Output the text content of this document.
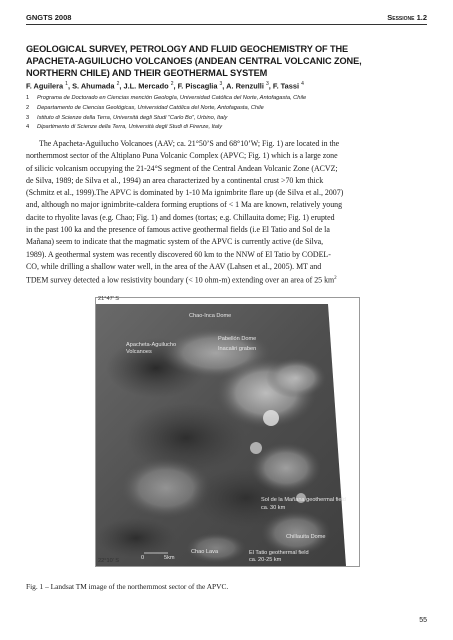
GNGTS 2008	Sessione 1.2
GEOLOGICAL SURVEY, PETROLOGY AND FLUID GEOCHEMISTRY OF THE
APACHETA-AGUILUCHO VOLCANOES (ANDEAN CENTRAL VOLCANIC ZONE,
NORTHERN CHILE) AND THEIR GEOTHERMAL SYSTEM
F. Aguilera $^1$, S. Ahumada $^2$, J.L. Mercado $^2$, F. Piscaglia $^3$, A. Renzulli $^3$, F. Tassi $^4$
1 Programa de Doctorado en Ciencias mención Geología, Universidad Católica del Norte, Antofagasta, Chile
2 Departamento de Ciencias Geológicas, Universidad Católica del Norte, Antofagasta, Chile
3 Istituto di Scienze della Terra, Università degli Studi “Carlo Bo”, Urbino, Italy
4 Dipartimento di Scienze della Terra, Università degli Studi di Firenze, Italy
The Apacheta-Aguilucho Volcanoes (AAV; ca. 21°50’S and 68°10’W; Fig. 1) are located in the
northernmost sector of the Altiplano Puna Volcanic Complex (APVC; Fig. 1) which is a large zone
of silicic volcanism occupying the 21-24°S segment of the Central Andean Volcanic Zone (ACVZ;
de Silva, 1989; de Silva et al., 1994) an area characterized by a continental crust >70 km thick
(Schmitz et al., 1999).The APVC is dominated by 1-10 Ma ignimbrite flare up (de Silva et al., 2007)
and, although no major ignimbrite-caldera forming eruptions of < 1 Ma are known, relatively young
dacite to rhyolite lavas (e.g. Chao; Fig. 1) and domes (tortas; e.g. Chillauita dome; Fig. 1) erupted
in the past 100 ka and the presence of famous active geothermal fields (i.e El Tatio and Sol de la
Mañana) seem to indicate that the magmatic system of the APVC is currently active (de Silva,
1989). A geothermal system was recently discovered 60 km to the NNW of El Tatio by CODEL-
CO, while drilling a shallow water well, in the area of the AAV (Lahsen et al., 2005). MT and
TDEM survey detected a low resistivity boundary (< 10 ohm-m) extending over an area of 25 $km^2$
Chao-Inca Dome
Pabellón Dome
Inacaliri graben
Apacheta-Aguilucho
Volcanoes
Sol de la Mañana geothermal field
ca. 30 km
Chillauita Dome
El Tatio geothermal field
ca. 20-25 km
Chao Lava
0	5km
21°47’ S
22°10’ S
Fig. 1 – Landsat TM image of the northernmost sector of the APVC.
55
